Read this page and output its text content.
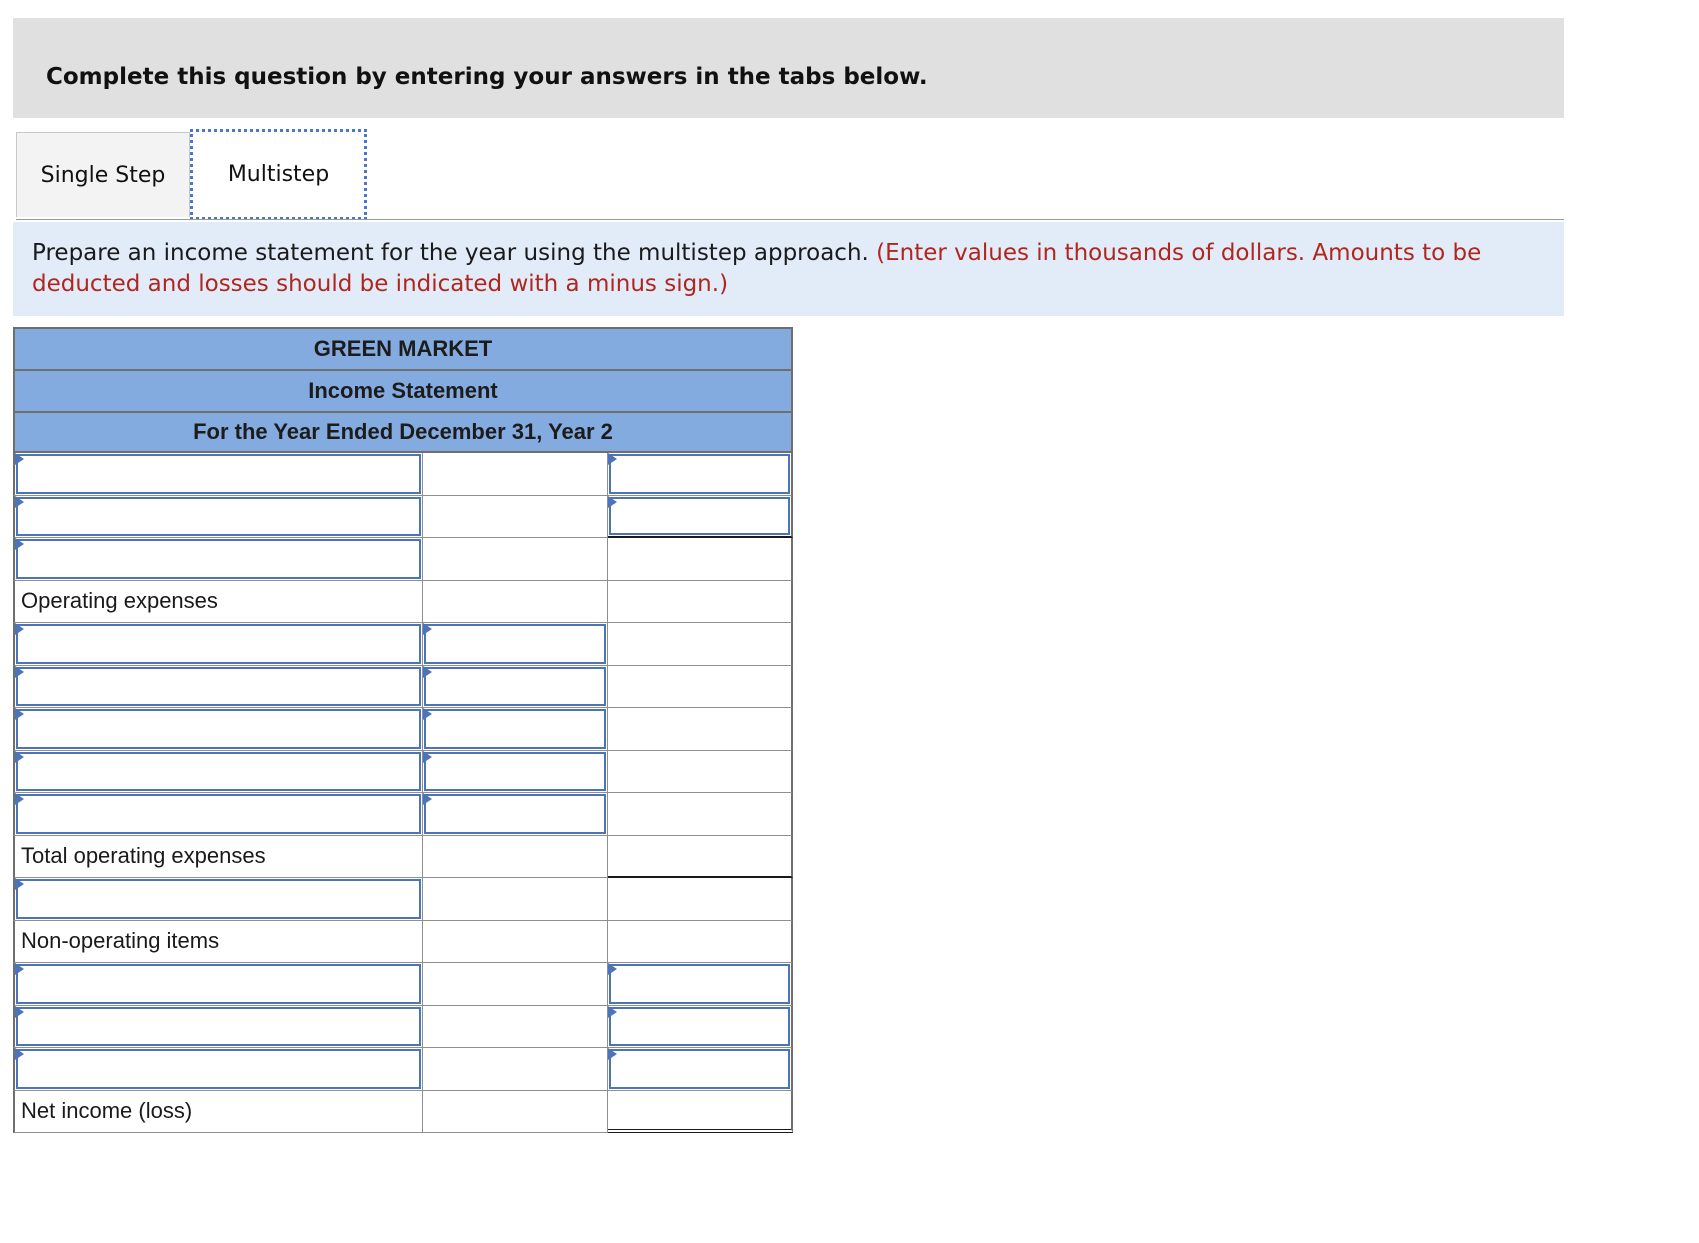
Complete this question by entering your answers in the tabs below.
Single Step	Multistep
Prepare an income statement for the year using the multistep approach. (Enter values in thousands of dollars. Amounts to be deducted and losses should be indicated with a minus sign.)
GREEN MARKET
Income Statement
For the Year Ended December 31, Year 2
Operating expenses
Total operating expenses
Non-operating items
Net income (loss)
